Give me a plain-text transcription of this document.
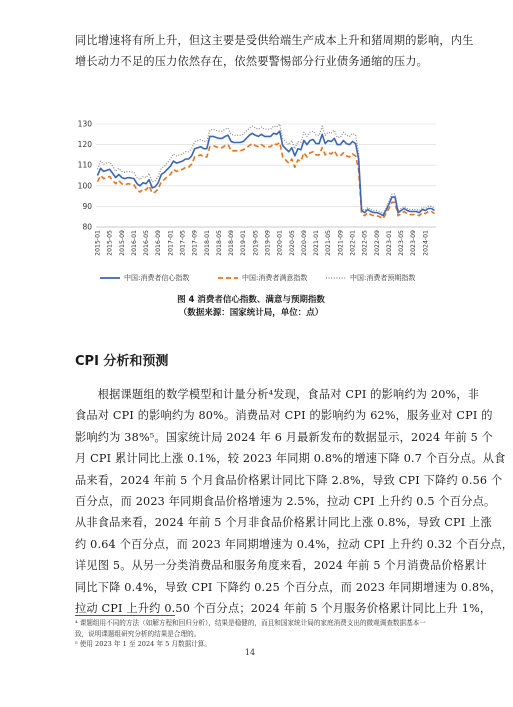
同比增速将有所上升，但这主要是受供给端生产成本上升和猪周期的影响，内生
增长动力不足的压力依然存在，依然要警惕部分行业债务通缩的压力。
80
90
100
110
120
130
2015-01 2015-05 2015-09 2016-01 2016-05 2016-09 2017-01 2017-05 2017-09 2018-01 2018-05 2018-09 2019-01 2019-05 2019-09 2020-01 2020-05 2020-09 2021-01 2021-05 2021-09 2022-01 2022-05 2022-09 2023-01 2023-05 2023-09 2024-01
中国:消费者信心指数	中国:消费者满意指数	中国:消费者预期指数
图 4 消费者信心指数、满意与预期指数
（数据来源：国家统计局，单位：点）
CPI 分析和预测
　　根据课题组的数学模型和计量分析⁴发现，食品对 CPI 的影响约为 20%，非
食品对 CPI 的影响约为 80%。消费品对 CPI 的影响约为 62%，服务业对 CPI 的
影响约为 38%⁵。国家统计局 2024 年 6 月最新发布的数据显示，2024 年前 5 个
月 CPI 累计同比上涨 0.1%，较 2023 年同期 0.8%的增速下降 0.7 个百分点。从食
品来看，2024 年前 5 个月食品价格累计同比下降 2.8%，导致 CPI 下降约 0.56 个
百分点，而 2023 年同期食品价格增速为 2.5%，拉动 CPI 上升约 0.5 个百分点。
从非食品来看，2024 年前 5 个月非食品价格累计同比上涨 0.8%，导致 CPI 上涨
约 0.64 个百分点，而 2023 年同期增速为 0.4%，拉动 CPI 上升约 0.32 个百分点，
详见图 5。从另一分类消费品和服务角度来看，2024 年前 5 个月消费品价格累计
同比下降 0.4%，导致 CPI 下降约 0.25 个百分点，而 2023 年同期增速为 0.8%，
拉动 CPI 上升约 0.50 个百分点；2024 年前 5 个月服务价格累计同比上升 1%，
⁴ 课题组用不同的方法（如解方程和回归分析），结果是稳健的，而且和国家统计局的家庭消费支出的微观调查数据基本一致，说明课题组研究分析的结果是合理的。
⁵ 使用 2023 年 1 至 2024 年 5 月数据计算。
14
